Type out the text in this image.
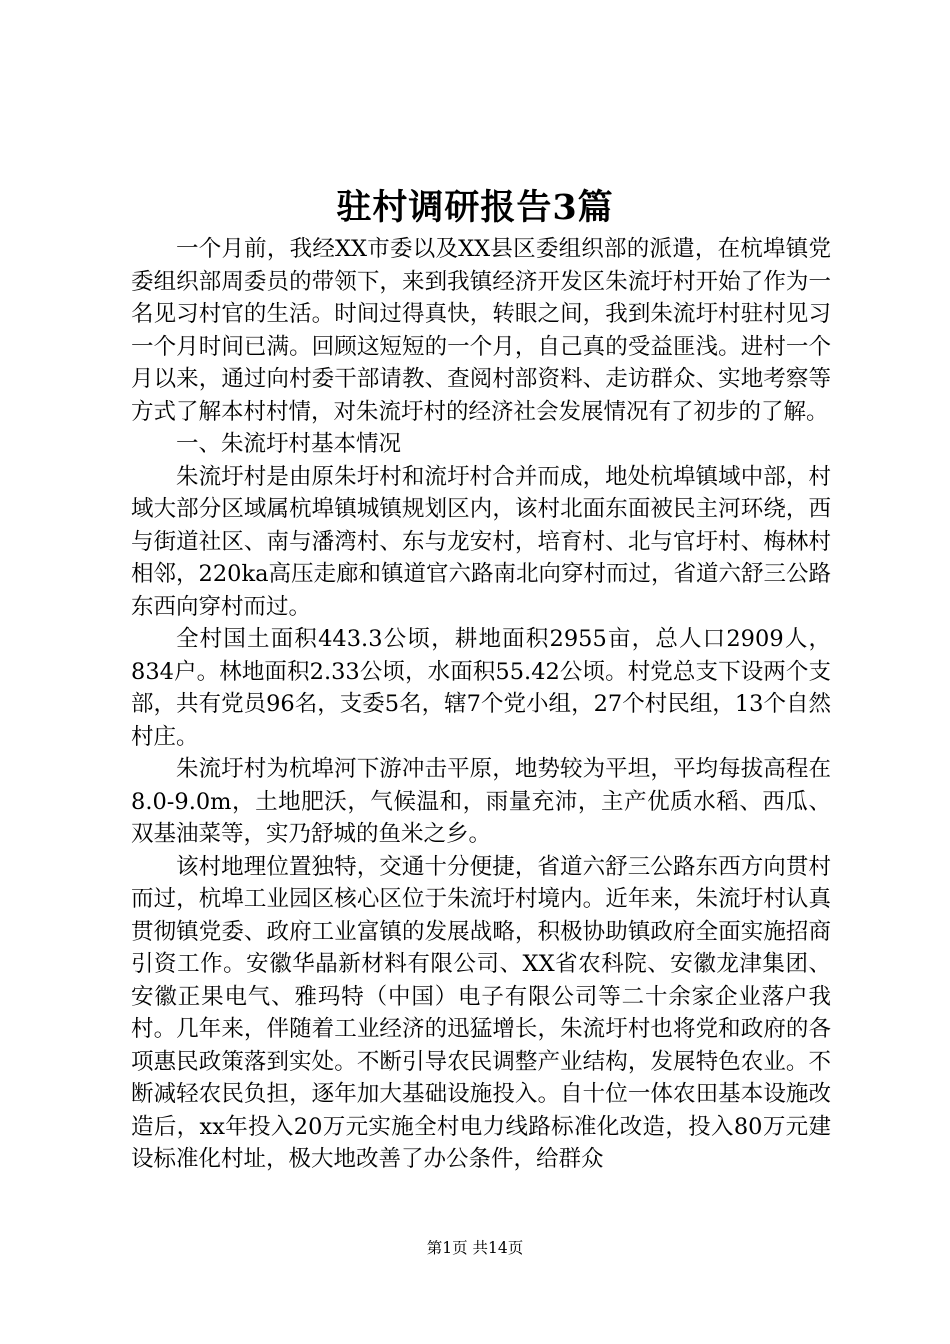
驻村调研报告3篇

一个月前，我经XX市委以及XX县区委组织部的派遣，在杭埠镇党委组织部周委员的带领下，来到我镇经济开发区朱流圩村开始了作为一名见习村官的生活。时间过得真快，转眼之间，我到朱流圩村驻村见习一个月时间已满。回顾这短短的一个月，自己真的受益匪浅。进村一个月以来，通过向村委干部请教、查阅村部资料、走访群众、实地考察等方式了解本村村情，对朱流圩村的经济社会发展情况有了初步的了解。

一、朱流圩村基本情况

朱流圩村是由原朱圩村和流圩村合并而成，地处杭埠镇域中部，村域大部分区域属杭埠镇城镇规划区内，该村北面东面被民主河环绕，西与街道社区、南与潘湾村、东与龙安村，培育村、北与官圩村、梅林村相邻，220ka高压走廊和镇道官六路南北向穿村而过，省道六舒三公路东西向穿村而过。

全村国土面积443.3公顷，耕地面积2955亩，总人口2909人，834户。林地面积2.33公顷，水面积55.42公顷。村党总支下设两个支部，共有党员96名，支委5名，辖7个党小组，27个村民组，13个自然村庄。

朱流圩村为杭埠河下游冲击平原，地势较为平坦，平均每拔高程在8.0-9.0m，土地肥沃，气候温和，雨量充沛，主产优质水稻、西瓜、双基油菜等，实乃舒城的鱼米之乡。

该村地理位置独特，交通十分便捷，省道六舒三公路东西方向贯村而过，杭埠工业园区核心区位于朱流圩村境内。近年来，朱流圩村认真贯彻镇党委、政府工业富镇的发展战略，积极协助镇政府全面实施招商引资工作。安徽华晶新材料有限公司、XX省农科院、安徽龙津集团、安徽正果电气、雅玛特（中国）电子有限公司等二十余家企业落户我村。几年来，伴随着工业经济的迅猛增长，朱流圩村也将党和政府的各项惠民政策落到实处。不断引导农民调整产业结构，发展特色农业。不断减轻农民负担，逐年加大基础设施投入。自十位一体农田基本设施改造后，xx年投入20万元实施全村电力线路标准化改造，投入80万元建设标准化村址，极大地改善了办公条件，给群众

第1页 共14页
